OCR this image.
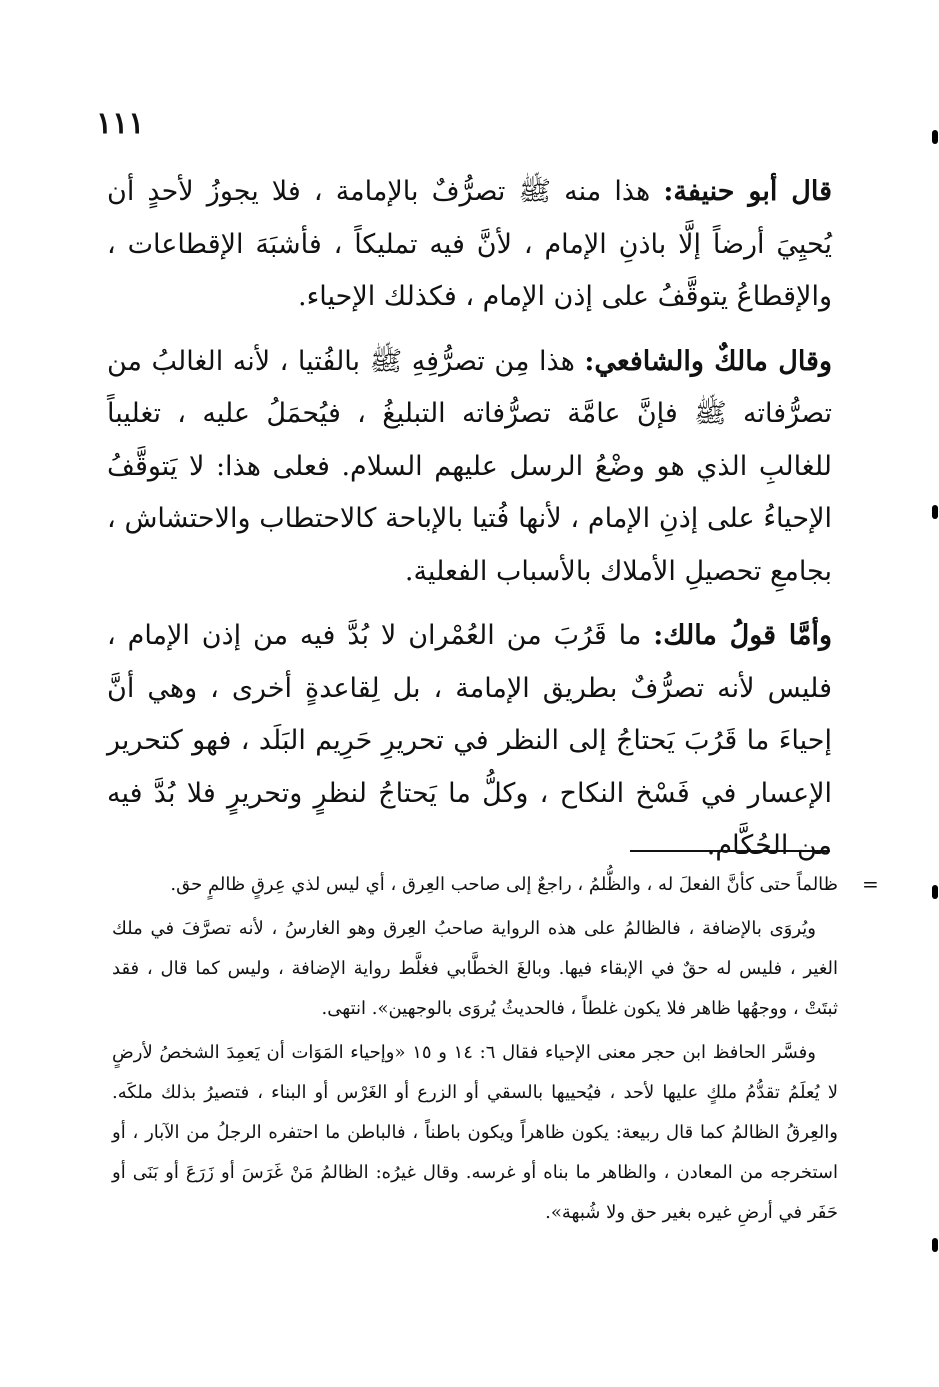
١١١

قال أبو حنيفة: هذا منه ﷺ تصرُّفٌ بالإمامة ، فلا يجوزُ لأحدٍ أن يُحيِيَ أرضاً إلَّا باذنِ الإمام ، لأنَّ فيه تمليكاً ، فأشبَهَ الإقطاعات ، والإقطاعُ يتوقَّفُ على إذن الإمام ، فكذلك الإحياء.

وقال مالكٌ والشافعي: هذا مِن تصرُّفِهِ ﷺ بالفُتيا ، لأنه الغالبُ من تصرُّفاته ﷺ فإنَّ عامَّة تصرُّفاته التبليغُ ، فيُحمَلُ عليه ، تغليباً للغالبِ الذي هو وضْعُ الرسل عليهم السلام. فعلى هذا: لا يَتوقَّفُ الإحياءُ على إذنِ الإمام ، لأنها فُتيا بالإباحة كالاحتطاب والاحتشاش ، بجامعِ تحصيلِ الأملاك بالأسباب الفعلية.

وأمَّا قولُ مالك: ما قَرُبَ من العُمْران لا بُدَّ فيه من إذن الإمام ، فليس لأنه تصرُّفٌ بطريق الإمامة ، بل لِقاعدةٍ أخرى ، وهي أنَّ إحياءَ ما قَرُبَ يَحتاجُ إلى النظر في تحريرِ حَرِيم البَلَد ، فهو كتحرير الإعسار في فَسْخ النكاح ، وكلُّ ما يَحتاجُ لنظرٍ وتحريرٍ فلا بُدَّ فيه من الحُكَّام.

=

ظالماً حتى كأنَّ الفعلَ له ، والظُّلمُ ، راجعٌ إلى صاحب العِرق ، أي ليس لذي عِرقٍ ظالمٍ حق.

ويُروَى بالإضافة ، فالظالمُ على هذه الرواية صاحبُ العِرق وهو الغارسُ ، لأنه تصرَّفَ في ملك الغير ، فليس له حقٌ في الإبقاء فيها. وبالغَ الخطَّابي فغلَّط رواية الإضافة ، وليس كما قال ، فقد ثبتَتْ ، ووجهُها ظاهر فلا يكون غلطاً ، فالحديثُ يُروَى بالوجهين». انتهى.

وفسَّر الحافظ ابن حجر معنى الإحياء فقال ٦: ١٤ و ١٥ «وإحياء المَوَات أن يَعمِدَ الشخصُ لأرضٍ لا يُعلَمُ تقدُّمُ ملكٍ عليها لأحد ، فيُحييها بالسقي أو الزرع أو الغَرْس أو البناء ، فتصيرُ بذلك ملكَه. والعِرقُ الظالمُ كما قال ربيعة: يكون ظاهراً ويكون باطناً ، فالباطن ما احتفره الرجلُ من الآبار ، أو استخرجه من المعادن ، والظاهر ما بناه أو غرسه. وقال غيرُه: الظالمُ مَنْ غَرَسَ أو زَرَعَ أو بَنَى أو حَفَر في أرضِ غيره بغير حق ولا شُبهة».
